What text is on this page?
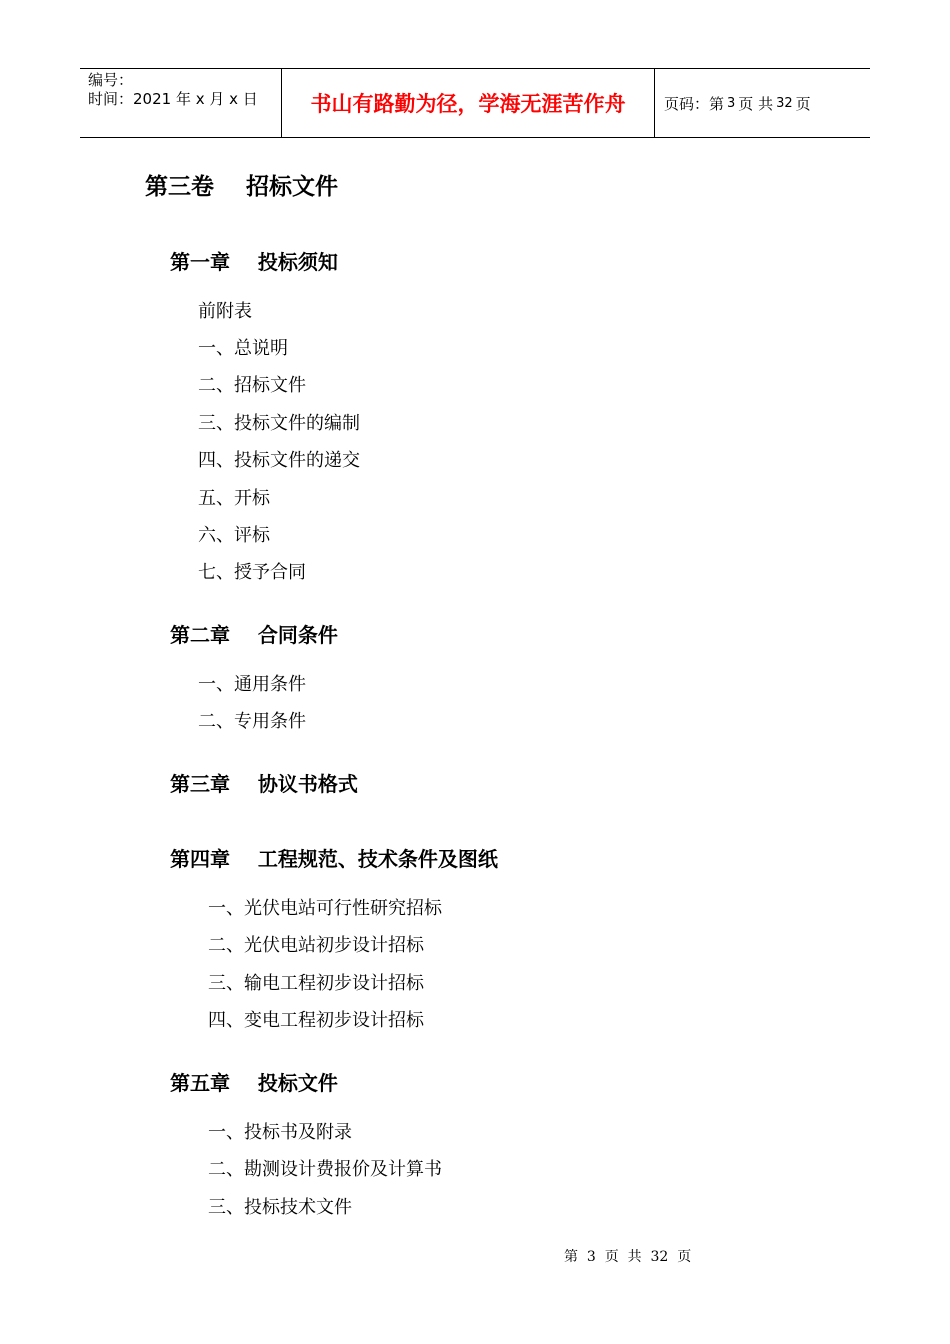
编号：
时间：2021 年 x 月 x 日	书山有路勤为径，学海无涯苦作舟	页码：第 3 页 共 32 页
第三卷    招标文件
第一章    投标须知
前附表
一、总说明
二、招标文件
三、投标文件的编制
四、投标文件的递交
五、开标
六、评标
七、授予合同
第二章    合同条件
一、通用条件
二、专用条件
第三章    协议书格式
第四章    工程规范、技术条件及图纸
一、光伏电站可行性研究招标
二、光伏电站初步设计招标
三、输电工程初步设计招标
四、变电工程初步设计招标
第五章    投标文件
一、投标书及附录
二、勘测设计费报价及计算书
三、投标技术文件
第  3  页  共  32  页
